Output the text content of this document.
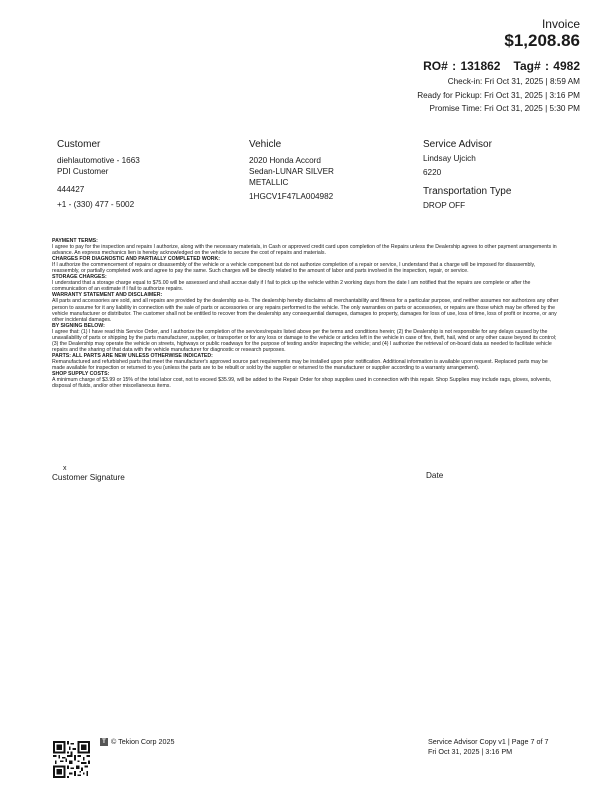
Invoice
$1,208.86
RO# : 131862 Tag# : 4982
Check-in: Fri Oct 31, 2025 | 8:59 AM
Ready for Pickup: Fri Oct 31, 2025 | 3:16 PM
Promise Time: Fri Oct 31, 2025 | 5:30 PM
Customer
diehlautomotive - 1663
PDI Customer
444427
+1 - (330) 477 - 5002
Vehicle
2020 Honda Accord
Sedan-LUNAR SILVER
METALLIC
1HGCV1F47LA004982
Service Advisor
Lindsay Ujcich
6220
Transportation Type
DROP OFF

PAYMENT TERMS:

I agree to pay for the inspection and repairs I authorize, along with the necessary materials, in Cash or approved credit card upon completion of the Repairs unless the Dealership agrees to other payment arrangements in advance. An express mechanics lien is hereby acknowledged on the vehicle to secure the cost of repairs and materials.

CHARGES FOR DIAGNOSTIC AND PARTIALLY COMPLETED WORK:

If I authorize the commencement of repairs or disassembly of the vehicle or a vehicle component but do not authorize completion of a repair or service, I understand that a charge will be imposed for disassembly, reassembly, or partially completed work and agree to pay the same. Such charges will be directly related to the amount of labor and parts involved in the inspection, repair, or service.

STORAGE CHARGES:

I understand that a storage charge equal to $75.00 will be assessed and shall accrue daily if I fail to pick up the vehicle within 2 working days from the date I am notified that the repairs are complete or after the communication of an estimate if I fail to authorize repairs.

WARRANTY STATEMENT AND DISCLAIMER:

All parts and accessories are sold, and all repairs are provided by the dealership as-is. The dealership hereby disclaims all merchantability and fitness for a particular purpose, and neither assumes nor authorizes any other person to assume for it any liability in connection with the sale of parts or accessories or any repairs performed to the vehicle. The only warranties on parts or accessories, or repairs are those which may be offered by the vehicle manufacturer or distributor. The customer shall not be entitled to recover from the dealership any consequential damages, damages to property, damages for loss of use, loss of time, loss of profit or income, or any other incidental damages.

BY SIGNING BELOW:

I agree that: (1) I have read this Service Order, and I authorize the completion of the services/repairs listed above per the terms and conditions herein; (2) the Dealership is not responsible for any delays caused by the unavailability of parts or shipping by the parts manufacturer, supplier, or transporter or for any loss or damage to the vehicle or articles left in the vehicle in case of fire, theft, hail, wind or any other cause beyond its control; (3) the Dealership may operate the vehicle on streets, highways or public roadways for the purpose of testing and/or inspecting the vehicle; and (4) I authorize the retrieval of on-board data as needed to facilitate vehicle repairs and the sharing of that data with the vehicle manufacturer for diagnostic or research purposes.

PARTS: ALL PARTS ARE NEW UNLESS OTHERWISE INDICATED:

Remanufactured and refurbished parts that meet the manufacturer's approved source part requirements may be installed upon prior notification. Additional information is available upon request. Replaced parts may be made available for inspection or returned to you (unless the parts are to be rebuilt or sold by the supplier or returned to the manufacturer or supplier according to a warranty arrangement).

SHOP SUPPLY COSTS:

A minimum charge of $3.99 or 15% of the total labor cost, not to exceed $35.99, will be added to the Repair Order for shop supplies used in connection with this repair. Shop Supplies may include rags, gloves, solvents, disposal of fluids, and/or other miscellaneous items.

x
Customer Signature	Date
T © Tekion Corp 2025	Service Advisor Copy v1 | Page 7 of 7
Fri Oct 31, 2025 | 3:16 PM
